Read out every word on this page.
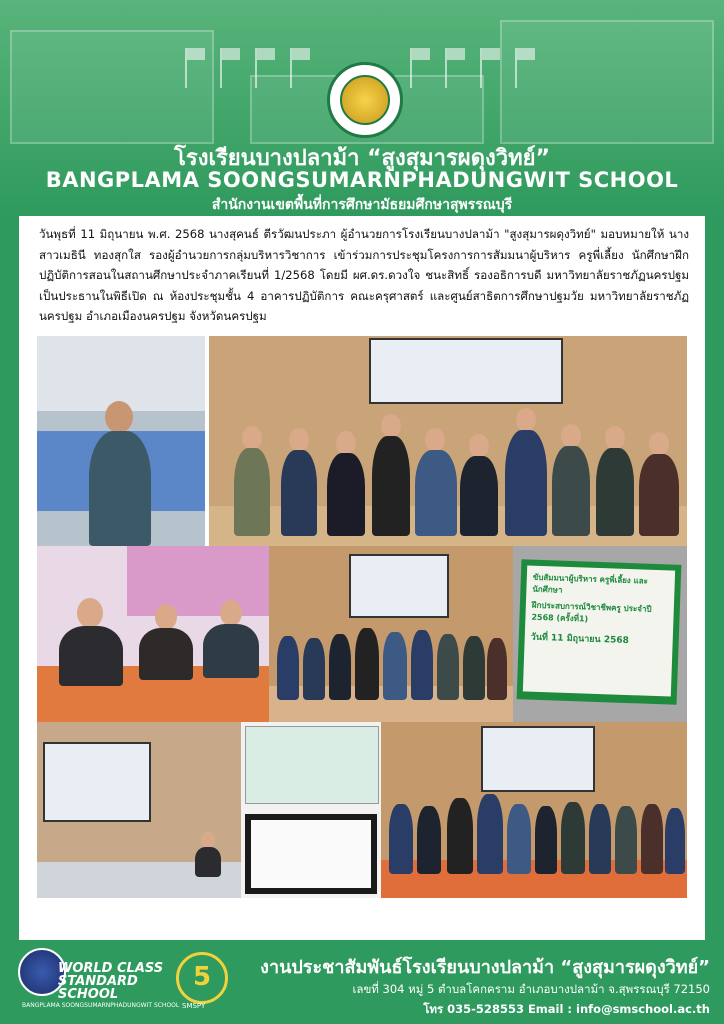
โรงเรียนบางปลาม้า “สูงสุมารผดุงวิทย์”
BANGPLAMA SOONGSUMARNPHADUNGWIT SCHOOL
สำนักงานเขตพื้นที่การศึกษามัธยมศึกษาสุพรรณบุรี
วันพุธที่ 11 มิถุนายน พ.ศ. 2568 นางสุคนธ์ ตีรวัฒนประภา ผู้อำนวยการโรงเรียนบางปลาม้า "สูงสุมารผดุงวิทย์" มอบหมายให้ นางสาวเมธินี ทองสุกใส รองผู้อำนวยการกลุ่มบริหารวิชาการ เข้าร่วมการประชุมโครงการการสัมมนาผู้บริหาร ครูพี่เลี้ยง นักศึกษาฝึกปฏิบัติการสอนในสถานศึกษาประจำภาคเรียนที่ 1/2568 โดยมี ผศ.ดร.ดวงใจ ชนะสิทธิ์ รองอธิการบดี มหาวิทยาลัยราชภัฏนครปฐมเป็นประธานในพิธีเปิด ณ ห้องประชุมชั้น 4 อาคารปฏิบัติการ คณะครุศาสตร์ และศูนย์สาธิตการศึกษาปฐมวัย มหาวิทยาลัยราชภัฏนครปฐม อำเภอเมืองนครปฐม จังหวัดนครปฐม
ขับสัมมนาผู้บริหาร ครูพี่เลี้ยง และนักศึกษา
ฝึกประสบการณ์วิชาชีพครู ประจำปี 2568 (ครั้งที่1)
วันที่ 11 มิถุนายน 2568
WORLD CLASS STANDARD SCHOOL
BANGPLAMA SOONGSUMARNPHADUNGWIT SCHOOL
5
SMSPY
งานประชาสัมพันธ์โรงเรียนบางปลาม้า “สูงสุมารผดุงวิทย์”
เลขที่ 304 หมู่ 5 ตำบลโคกคราม อำเภอบางปลาม้า จ.สุพรรณบุรี 72150
โทร 035-528553 Email : info@smschool.ac.th
